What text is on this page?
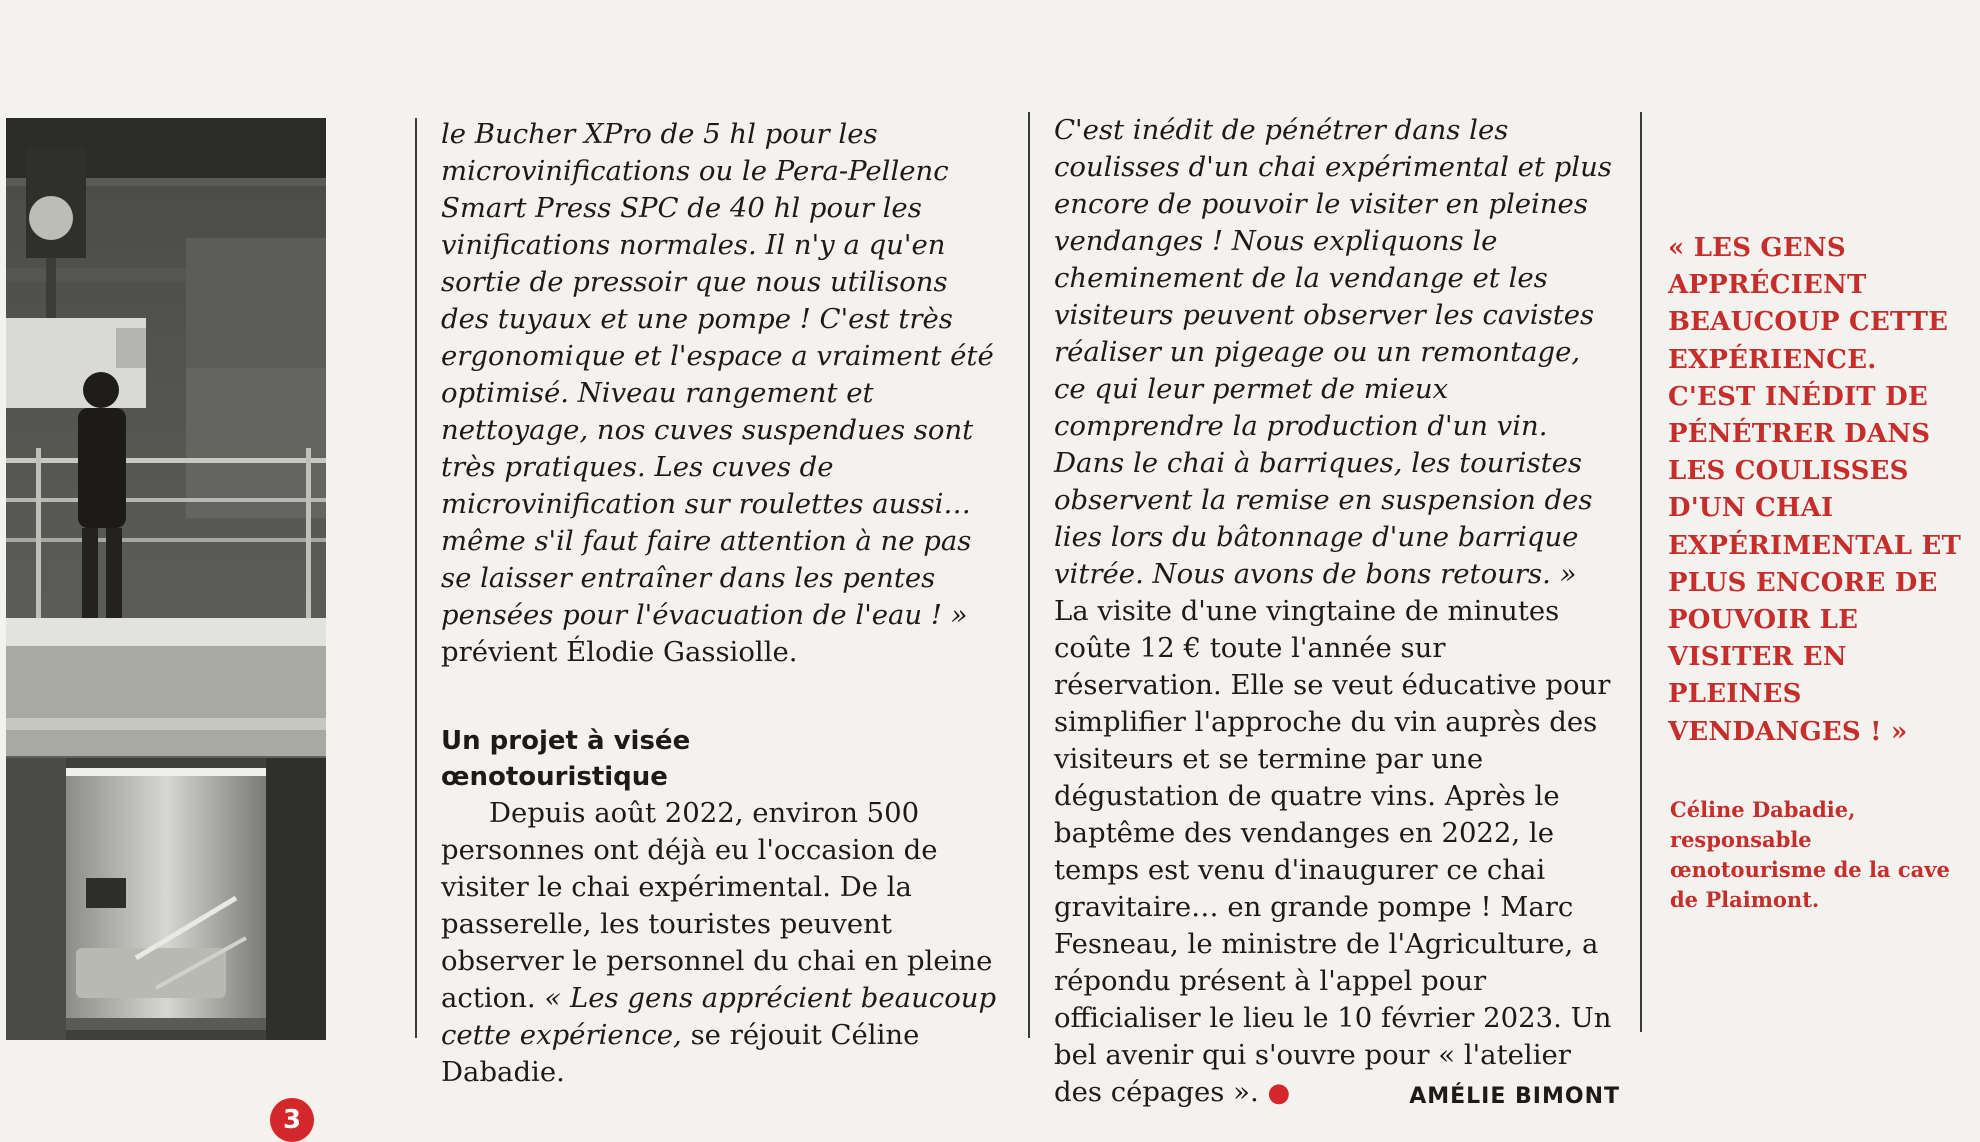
3

le Bucher XPro de 5 hl pour les microvinifications ou le Pera-Pellenc Smart Press SPC de 40 hl pour les vinifications normales. Il n'y a qu'en sortie de pressoir que nous utilisons des tuyaux et une pompe ! C'est très ergonomique et l'espace a vraiment été optimisé. Niveau rangement et nettoyage, nos cuves suspendues sont très pratiques. Les cuves de microvinification sur roulettes aussi… même s'il faut faire attention à ne pas se laisser entraîner dans les pentes pensées pour l'évacuation de l'eau ! »

prévient Élodie Gassiolle.

Un projet à visée œnotouristique

Depuis août 2022, environ 500 personnes ont déjà eu l'occasion de visiter le chai expérimental. De la passerelle, les touristes peuvent observer le personnel du chai en pleine action. « Les gens apprécient beaucoup cette expérience, se réjouit Céline Dabadie.

C'est inédit de pénétrer dans les coulisses d'un chai expérimental et plus encore de pouvoir le visiter en pleines vendanges ! Nous expliquons le cheminement de la vendange et les visiteurs peuvent observer les cavistes réaliser un pigeage ou un remontage, ce qui leur permet de mieux comprendre la production d'un vin. Dans le chai à barriques, les touristes observent la remise en suspension des lies lors du bâtonnage d'une barrique vitrée. Nous avons de bons retours. »

La visite d'une vingtaine de minutes coûte 12 € toute l'année sur réservation. Elle se veut éducative pour simplifier l'approche du vin auprès des visiteurs et se termine par une dégustation de quatre vins. Après le baptême des vendanges en 2022, le temps est venu d'inaugurer ce chai gravitaire… en grande pompe ! Marc Fesneau, le ministre de l'Agriculture, a répondu présent à l'appel pour officialiser le lieu le 10 février 2023. Un bel avenir qui s'ouvre pour « l'atelier des cépages ». ●	AMÉLIE BIMONT

« LES GENS APPRÉCIENT BEAUCOUP CETTE EXPÉRIENCE. C'EST INÉDIT DE PÉNÉTRER DANS LES COULISSES D'UN CHAI EXPÉRIMENTAL ET PLUS ENCORE DE POUVOIR LE VISITER EN PLEINES VENDANGES ! »
Céline Dabadie, responsable œnotourisme de la cave de Plaimont.
